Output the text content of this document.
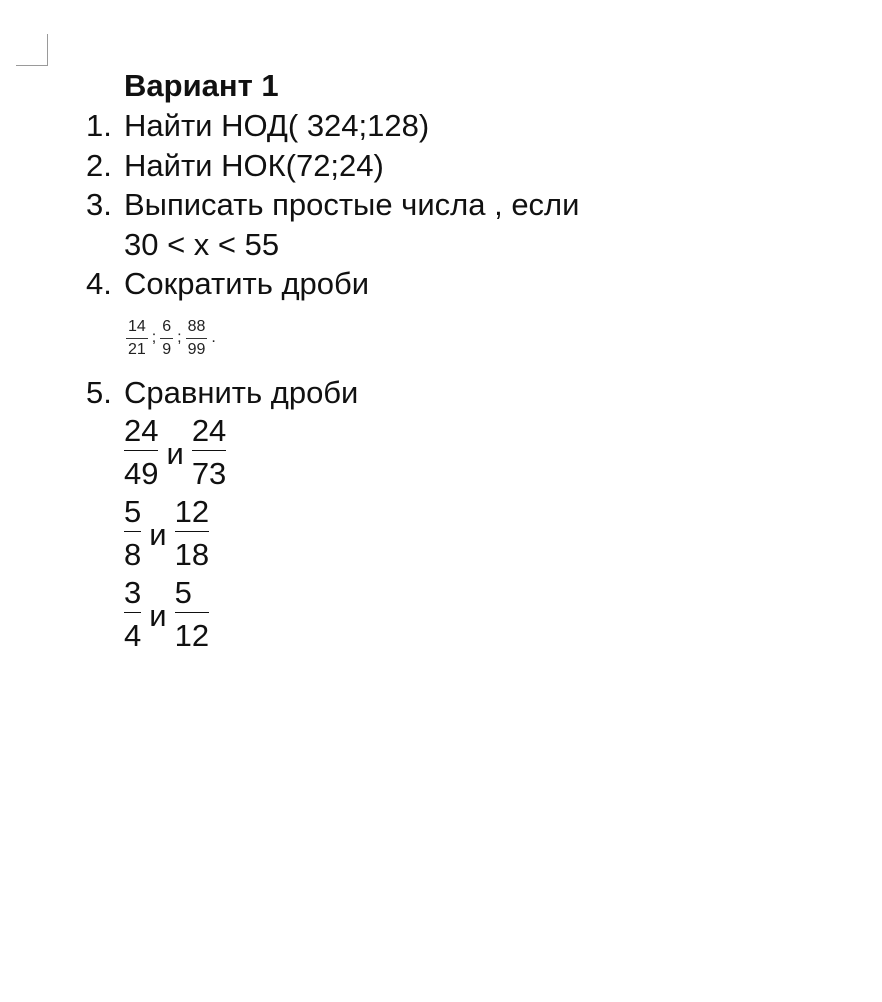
Вариант 1
1. Найти НОД( 324;128)
2. Найти НОК(72;24)
3. Выписать простые числа , если
30 < x < 55
4. Сократить дроби
14
21
;
6
9
;
88
99
.
5. Сравнить дроби
$\frac{24}{49}$ и $\frac{24}{73}$
$\frac{5}{8}$ и $\frac{12}{18}$
$\frac{3}{4}$ и $\frac{5}{12}$
